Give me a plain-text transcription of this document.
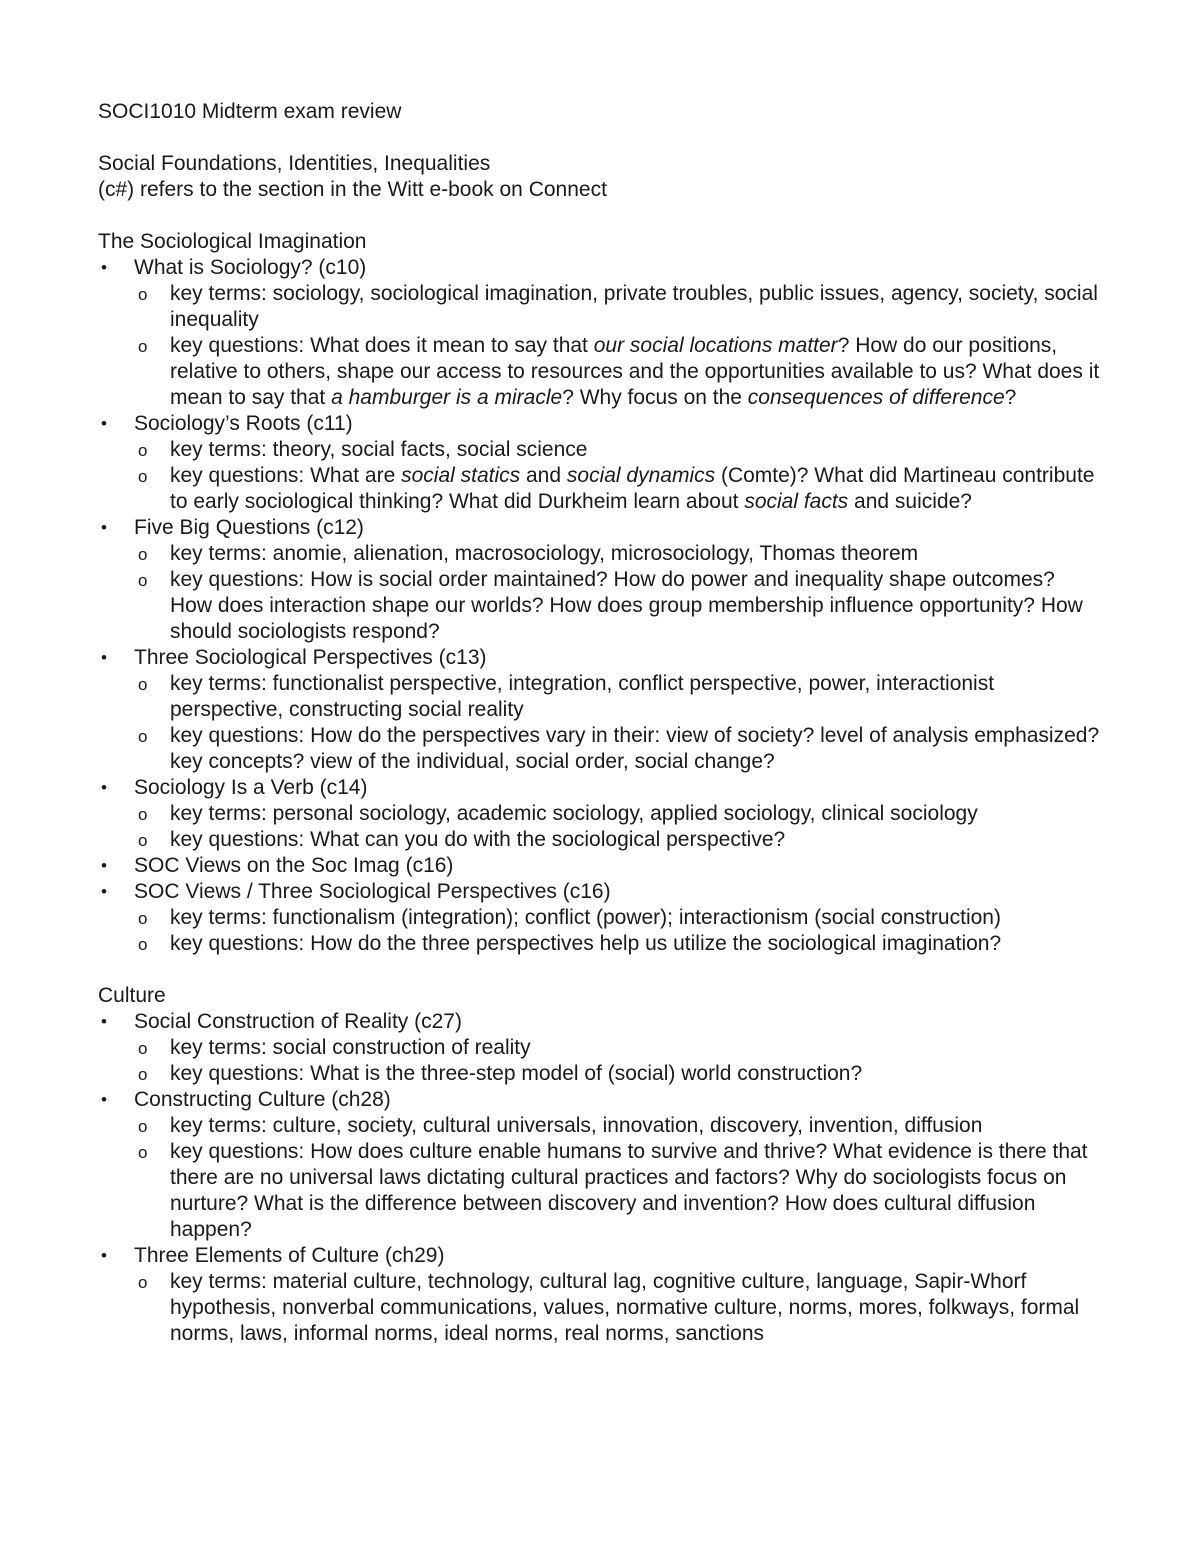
SOCI1010 Midterm exam review

Social Foundations, Identities, Inequalities

(c#) refers to the section in the Witt e-book on Connect

The Sociological Imagination

• What is Sociology? (c10)
o key terms: sociology, sociological imagination, private troubles, public issues, agency, society, social inequality
o key questions: What does it mean to say that our social locations matter? How do our positions, relative to others, shape our access to resources and the opportunities available to us? What does it mean to say that a hamburger is a miracle? Why focus on the consequences of difference?
• Sociology’s Roots (c11)
o key terms: theory, social facts, social science
o key questions: What are social statics and social dynamics (Comte)? What did Martineau contribute to early sociological thinking? What did Durkheim learn about social facts and suicide?
• Five Big Questions (c12)
o key terms: anomie, alienation, macrosociology, microsociology, Thomas theorem
o key questions: How is social order maintained? How do power and inequality shape outcomes? How does interaction shape our worlds? How does group membership influence opportunity? How should sociologists respond?
• Three Sociological Perspectives (c13)
o key terms: functionalist perspective, integration, conflict perspective, power, interactionist perspective, constructing social reality
o key questions: How do the perspectives vary in their: view of society? level of analysis emphasized? key concepts? view of the individual, social order, social change?
• Sociology Is a Verb (c14)
o key terms: personal sociology, academic sociology, applied sociology, clinical sociology
o key questions: What can you do with the sociological perspective?
• SOC Views on the Soc Imag (c16)
• SOC Views / Three Sociological Perspectives (c16)
o key terms: functionalism (integration); conflict (power); interactionism (social construction)
o key questions: How do the three perspectives help us utilize the sociological imagination?

Culture

• Social Construction of Reality (c27)
o key terms: social construction of reality
o key questions: What is the three-step model of (social) world construction?
• Constructing Culture (ch28)
o key terms: culture, society, cultural universals, innovation, discovery, invention, diffusion
o key questions: How does culture enable humans to survive and thrive? What evidence is there that there are no universal laws dictating cultural practices and factors? Why do sociologists focus on nurture? What is the difference between discovery and invention? How does cultural diffusion happen?
• Three Elements of Culture (ch29)
o key terms: material culture, technology, cultural lag, cognitive culture, language, Sapir-Whorf hypothesis, nonverbal communications, values, normative culture, norms, mores, folkways, formal norms, laws, informal norms, ideal norms, real norms, sanctions
